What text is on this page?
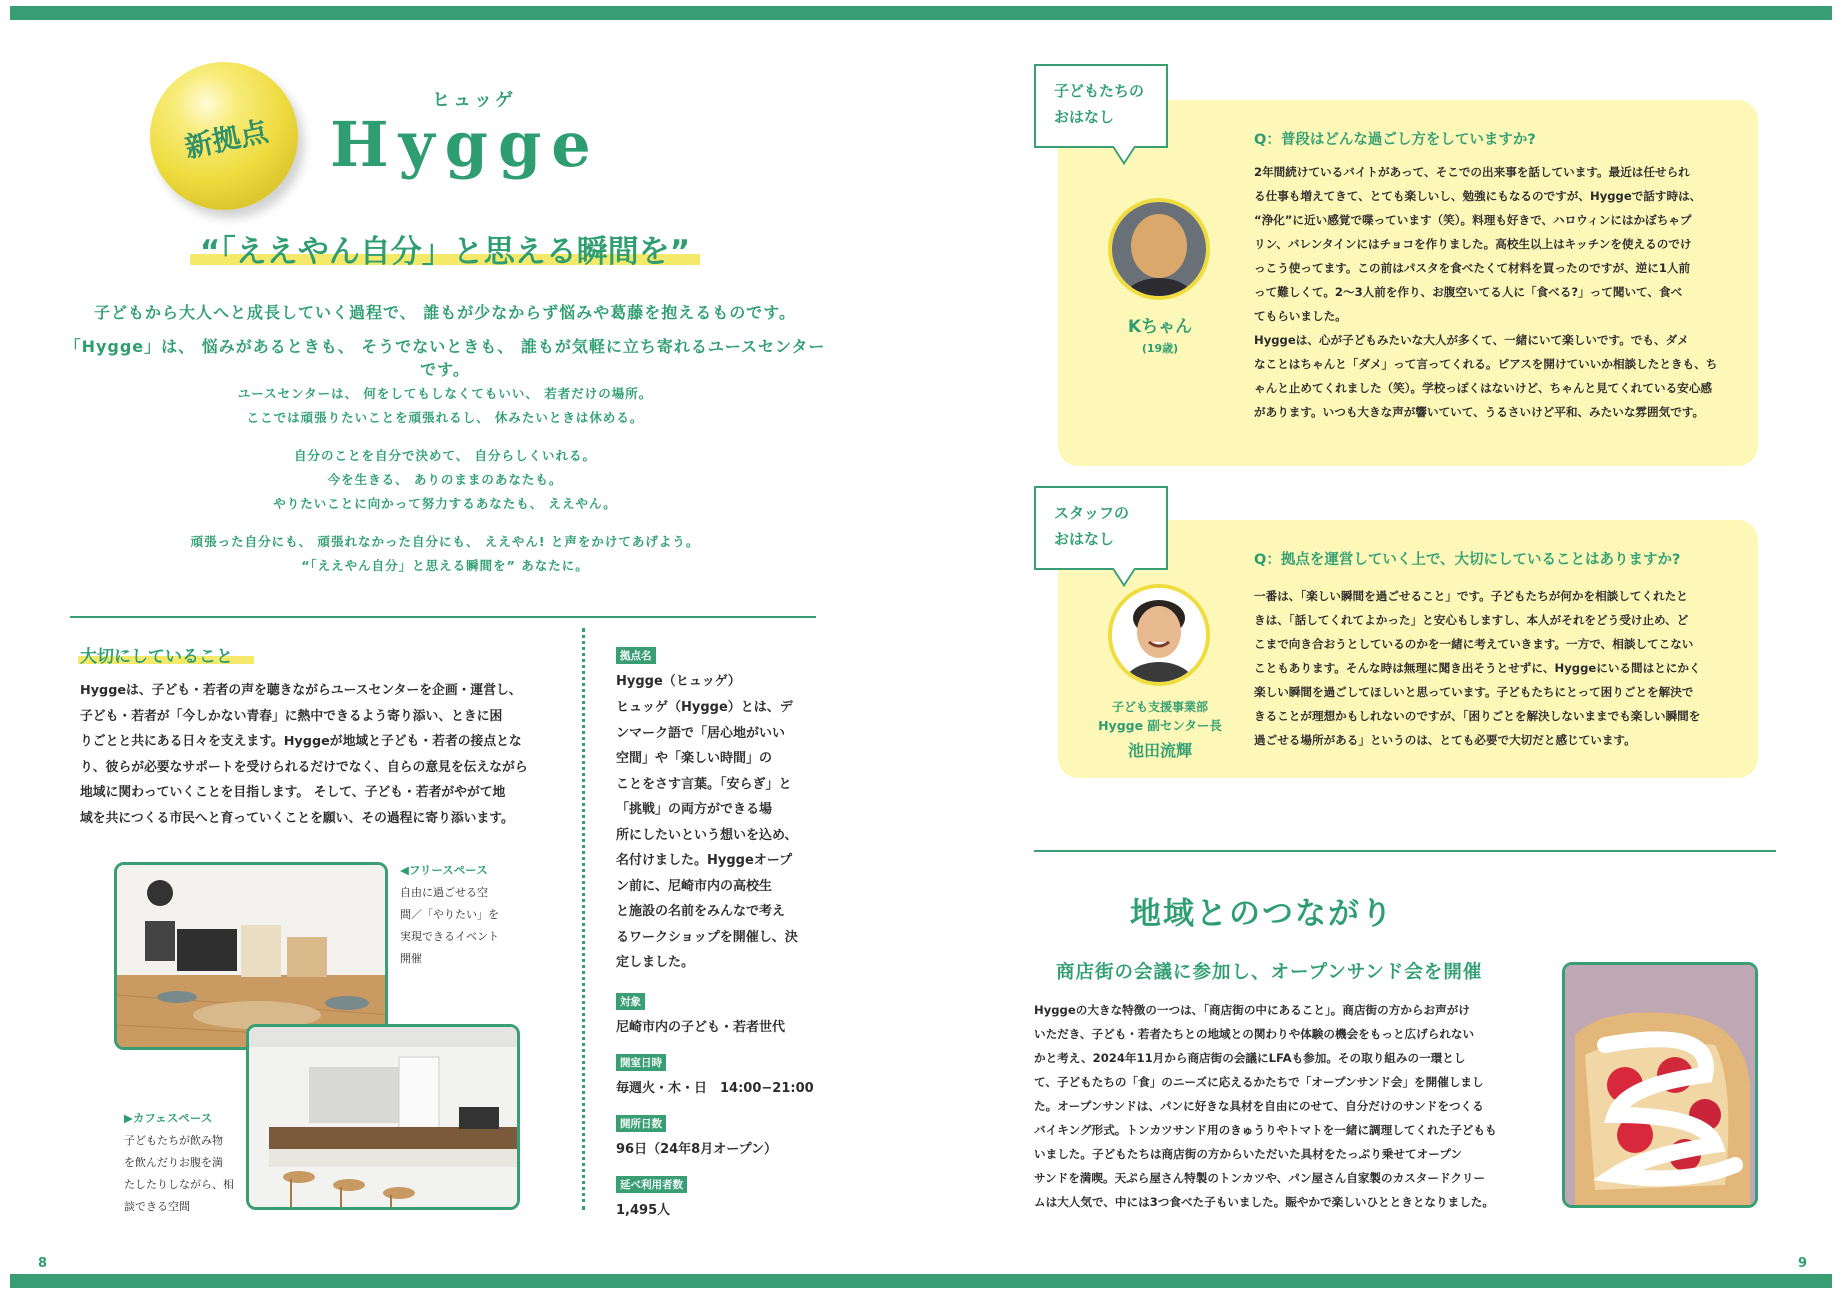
新拠点
ヒュッゲ
Hygge
“「ええやん自分」と思える瞬間を”
子どもから大人へと成長していく過程で、 誰もが少なからず悩みや葛藤を抱えるものです。
「Hygge」は、 悩みがあるときも、 そうでないときも、 誰もが気軽に立ち寄れるユースセンターです。
ユースセンターは、 何をしてもしなくてもいい、 若者だけの場所。
ここでは頑張りたいことを頑張れるし、 休みたいときは休める。
自分のことを自分で決めて、 自分らしくいれる。
今を生きる、 ありのままのあなたも。
やりたいことに向かって努力するあなたも、 ええやん。
頑張った自分にも、 頑張れなかった自分にも、 ええやん! と声をかけてあげよう。
“「ええやん自分」と思える瞬間を” あなたに。
大切にしていること
Hyggeは、子ども・若者の声を聴きながらユースセンターを企画・運営し、
子ども・若者が「今しかない青春」に熱中できるよう寄り添い、ときに困
りごとと共にある日々を支えます。Hyggeが地域と子ども・若者の接点とな
り、彼らが必要なサポートを受けられるだけでなく、自らの意見を伝えながら
地域に関わっていくことを目指します。 そして、子ども・若者がやがて地
域を共につくる市民へと育っていくことを願い、その過程に寄り添います。
◀フリースペース
自由に過ごせる空
間／「やりたい」を
実現できるイベント
開催
▶カフェスペース
子どもたちが飲み物
を飲んだりお腹を満
たしたりしながら、相
談できる空間
拠点名
Hygge（ヒュッゲ）
ヒュッゲ（Hygge）とは、デ
ンマーク語で「居心地がいい
空間」や「楽しい時間」の
ことをさす言葉。「安らぎ」と
「挑戦」の両方ができる場
所にしたいという想いを込め、
名付けました。Hyggeオープ
ン前に、尼崎市内の高校生
と施設の名前をみんなで考え
るワークショップを開催し、決
定しました。
対象
尼崎市内の子ども・若者世代
開室日時
毎週火・木・日　14:00−21:00
開所日数
96日（24年8月オープン）
延べ利用者数
1,495人
8
子どもたちの
おはなし
Kちゃん
(19歳)
Q：普段はどんな過ごし方をしていますか?
2年間続けているバイトがあって、そこでの出来事を話しています。最近は任せられ
る仕事も増えてきて、とても楽しいし、勉強にもなるのですが、Hyggeで話す時は、
“浄化”に近い感覚で喋っています（笑）。料理も好きで、ハロウィンにはかぼちゃプ
リン、バレンタインにはチョコを作りました。高校生以上はキッチンを使えるのでけ
っこう使ってます。この前はパスタを食べたくて材料を買ったのですが、逆に1人前
って難しくて。2〜3人前を作り、お腹空いてる人に「食べる?」って聞いて、食べ
てもらいました。
Hyggeは、心が子どもみたいな大人が多くて、一緒にいて楽しいです。でも、ダメ
なことはちゃんと「ダメ」って言ってくれる。ピアスを開けていいか相談したときも、ち
ゃんと止めてくれました（笑）。学校っぽくはないけど、ちゃんと見てくれている安心感
があります。いつも大きな声が響いていて、うるさいけど平和、みたいな雰囲気です。
スタッフの
おはなし
子ども支援事業部
Hygge 副センター長
池田流輝
Q：拠点を運営していく上で、大切にしていることはありますか?
一番は、「楽しい瞬間を過ごせること」です。子どもたちが何かを相談してくれたと
きは、「話してくれてよかった」と安心もしますし、本人がそれをどう受け止め、ど
こまで向き合おうとしているのかを一緒に考えていきます。一方で、相談してこない
こともあります。そんな時は無理に聞き出そうとせずに、Hyggeにいる間はとにかく
楽しい瞬間を過ごしてほしいと思っています。子どもたちにとって困りごとを解決で
きることが理想かもしれないのですが、「困りごとを解決しないままでも楽しい瞬間を
過ごせる場所がある」というのは、とても必要で大切だと感じています。
地域とのつながり
商店街の会議に参加し、オープンサンド会を開催
Hyggeの大きな特徴の一つは、「商店街の中にあること」。商店街の方からお声がけ
いただき、子ども・若者たちとの地域との関わりや体験の機会をもっと広げられない
かと考え、2024年11月から商店街の会議にLFAも参加。その取り組みの一環とし
て、子どもたちの「食」のニーズに応えるかたちで「オープンサンド会」を開催しまし
た。オープンサンドは、パンに好きな具材を自由にのせて、自分だけのサンドをつくる
バイキング形式。トンカツサンド用のきゅうりやトマトを一緒に調理してくれた子どもも
いました。子どもたちは商店街の方からいただいた具材をたっぷり乗せてオープン
サンドを満喫。天ぷら屋さん特製のトンカツや、パン屋さん自家製のカスタードクリー
ムは大人気で、中には3つ食べた子もいました。賑やかで楽しいひとときとなりました。
9
